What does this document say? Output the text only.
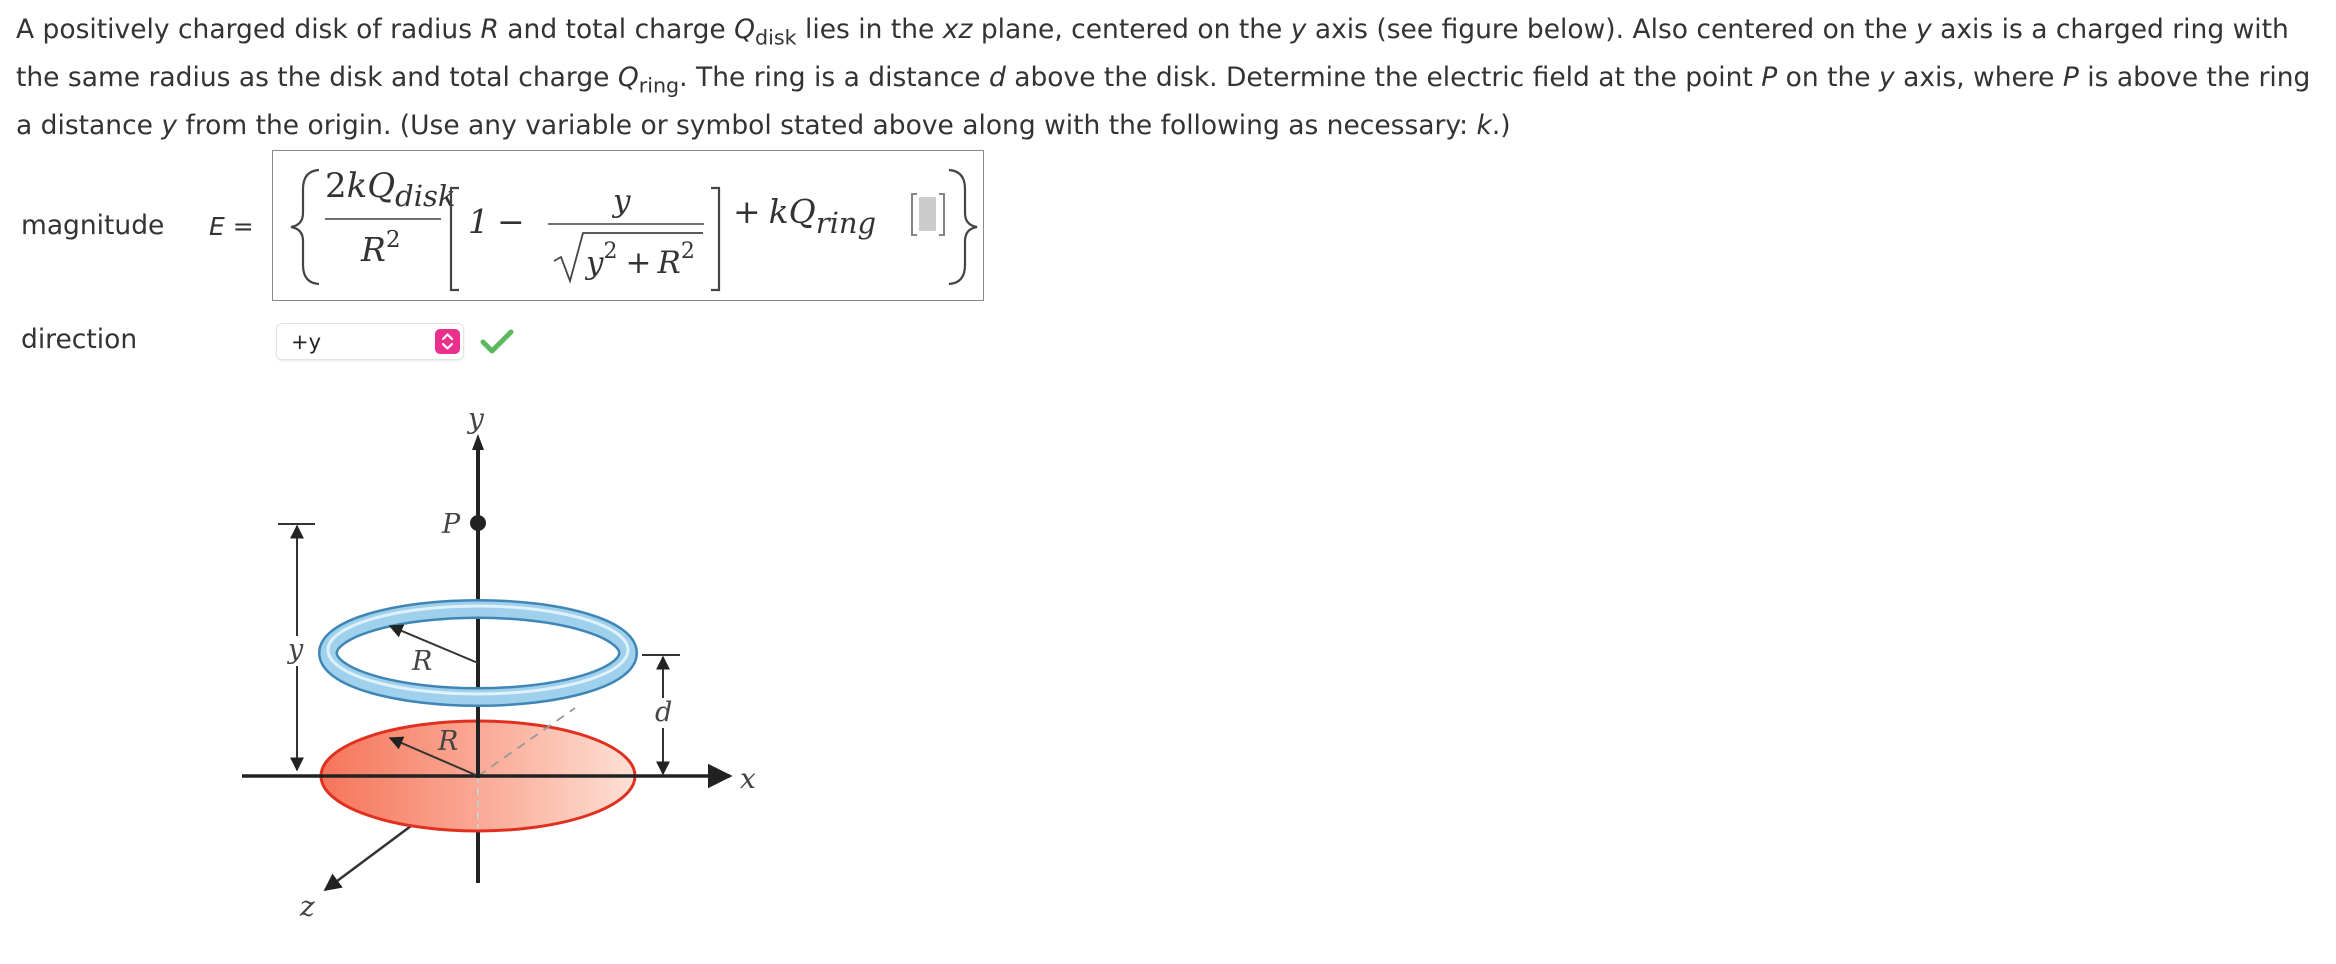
A positively charged disk of radius R and total charge $Q_{disk}$ lies in the xz plane, centered on the y axis (see figure below). Also centered on the y axis is a charged ring with the same radius as the disk and total charge $Q_{ring}$. The ring is a distance d above the disk. Determine the electric field at the point P on the y axis, where P is above the ring a distance y from the origin. (Use any variable or symbol stated above along with the following as necessary: k.)

magnitude E =
2kQdisk
$R^2$ 1 −
y
$y^2 + R^2$
+ kQring
direction	+y
R
R
P
y
x
z
y
d
